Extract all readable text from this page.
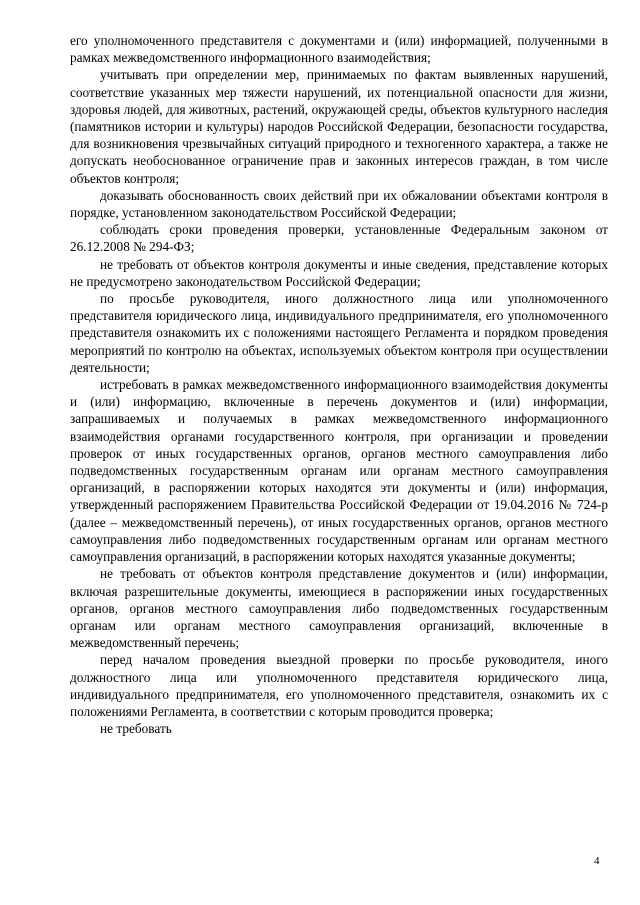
его уполномоченного представителя с документами и (или) информацией, полученными в рамках межведомственного информационного взаимодействия;

учитывать при определении мер, принимаемых по фактам выявленных нарушений, соответствие указанных мер тяжести нарушений, их потенциальной опасности для жизни, здоровья людей, для животных, растений, окружающей среды, объектов культурного наследия (памятников истории и культуры) народов Российской Федерации, безопасности государства, для возникновения чрезвычайных ситуаций природного и техногенного характера, а также не допускать необоснованное ограничение прав и законных интересов граждан, в том числе объектов контроля;

доказывать обоснованность своих действий при их обжаловании объектами контроля в порядке, установленном законодательством Российской Федерации;

соблюдать сроки проведения проверки, установленные Федеральным законом от 26.12.2008 № 294-ФЗ;

не требовать от объектов контроля документы и иные сведения, представление которых не предусмотрено законодательством Российской Федерации;

по просьбе руководителя, иного должностного лица или уполномоченного представителя юридического лица, индивидуального предпринимателя, его уполномоченного представителя ознакомить их с положениями настоящего Регламента и порядком проведения мероприятий по контролю на объектах, используемых объектом контроля при осуществлении деятельности;

истребовать в рамках межведомственного информационного взаимодействия документы и (или) информацию, включенные в перечень документов и (или) информации, запрашиваемых и получаемых в рамках межведомственного информационного взаимодействия органами государственного контроля, при организации и проведении проверок от иных государственных органов, органов местного самоуправления либо подведомственных государственным органам или органам местного самоуправления организаций, в распоряжении которых находятся эти документы и (или) информация, утвержденный распоряжением Правительства Российской Федерации от 19.04.2016 № 724-р (далее – межведомственный перечень), от иных государственных органов, органов местного самоуправления либо подведомственных государственным органам или органам местного самоуправления организаций, в распоряжении которых находятся указанные документы;

не требовать от объектов контроля представление документов и (или) информации, включая разрешительные документы, имеющиеся в распоряжении иных государственных органов, органов местного самоуправления либо подведомственных государственным органам или органам местного самоуправления организаций, включенные в межведомственный перечень;

перед началом проведения выездной проверки по просьбе руководителя, иного должностного лица или уполномоченного представителя юридического лица, индивидуального предпринимателя, его уполномоченного представителя, ознакомить их с положениями Регламента, в соответствии с которым проводится проверка;

не требовать

4
